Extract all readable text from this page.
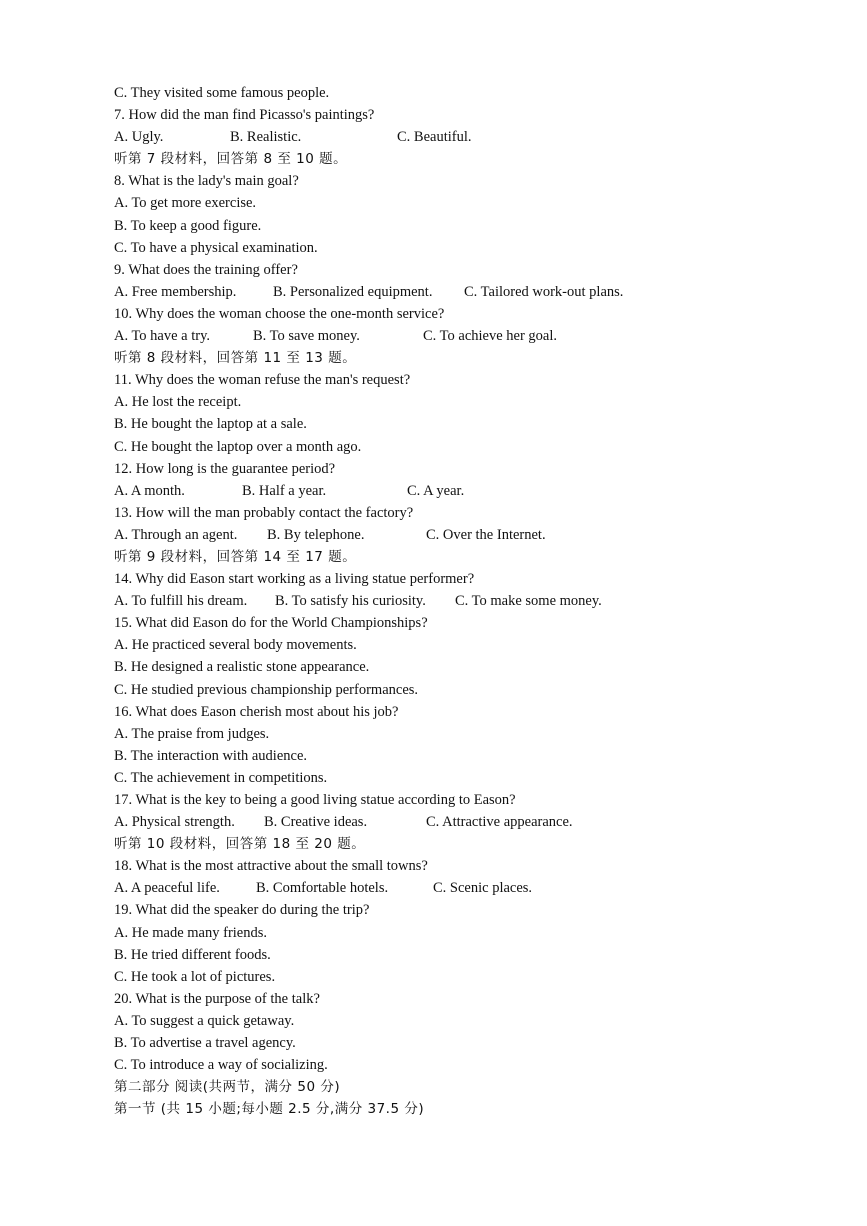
C. They visited some famous people.
7. How did the man find Picasso's paintings?
A. Ugly.	B. Realistic.	C. Beautiful.
听第 7 段材料，回答第 8 至 10 题。
8. What is the lady's main goal?
A. To get more exercise.
B. To keep a good figure.
C. To have a physical examination.
9. What does the training offer?
A. Free membership.	B. Personalized equipment. C. Tailored work-out plans.
10. Why does the woman choose the one-month service?
A. To have a try.	B. To save money.	C. To achieve her goal.
听第 8 段材料，回答第 11 至 13 题。
11. Why does the woman refuse the man's request?
A. He lost the receipt.
B. He bought the laptop at a sale.
C. He bought the laptop over a month ago.
12. How long is the guarantee period?
A. A month.	B. Half a year.	C. A year.
13. How will the man probably contact the factory?
A. Through an agent. B. By telephone.	C. Over the Internet.
听第 9 段材料，回答第 14 至 17 题。
14. Why did Eason start working as a living statue performer?
A. To fulfill his dream. B. To satisfy his curiosity. C. To make some money.
15. What did Eason do for the World Championships?
A. He practiced several body movements.
B. He designed a realistic stone appearance.
C. He studied previous championship performances.
16. What does Eason cherish most about his job?
A. The praise from judges.
B. The interaction with audience.
C. The achievement in competitions.
17. What is the key to being a good living statue according to Eason?
A. Physical strength. B. Creative ideas.	C. Attractive appearance.
听第 10 段材料，回答第 18 至 20 题。
18. What is the most attractive about the small towns?
A. A peaceful life. B. Comfortable hotels.	C. Scenic places.
19. What did the speaker do during the trip?
A. He made many friends.
B. He tried different foods.
C. He took a lot of pictures.
20. What is the purpose of the talk?
A. To suggest a quick getaway.
B. To advertise a travel agency.
C. To introduce a way of socializing.
第二部分 阅读(共两节，满分 50 分)
第一节 (共 15 小题;每小题 2.5 分,满分 37.5 分)
